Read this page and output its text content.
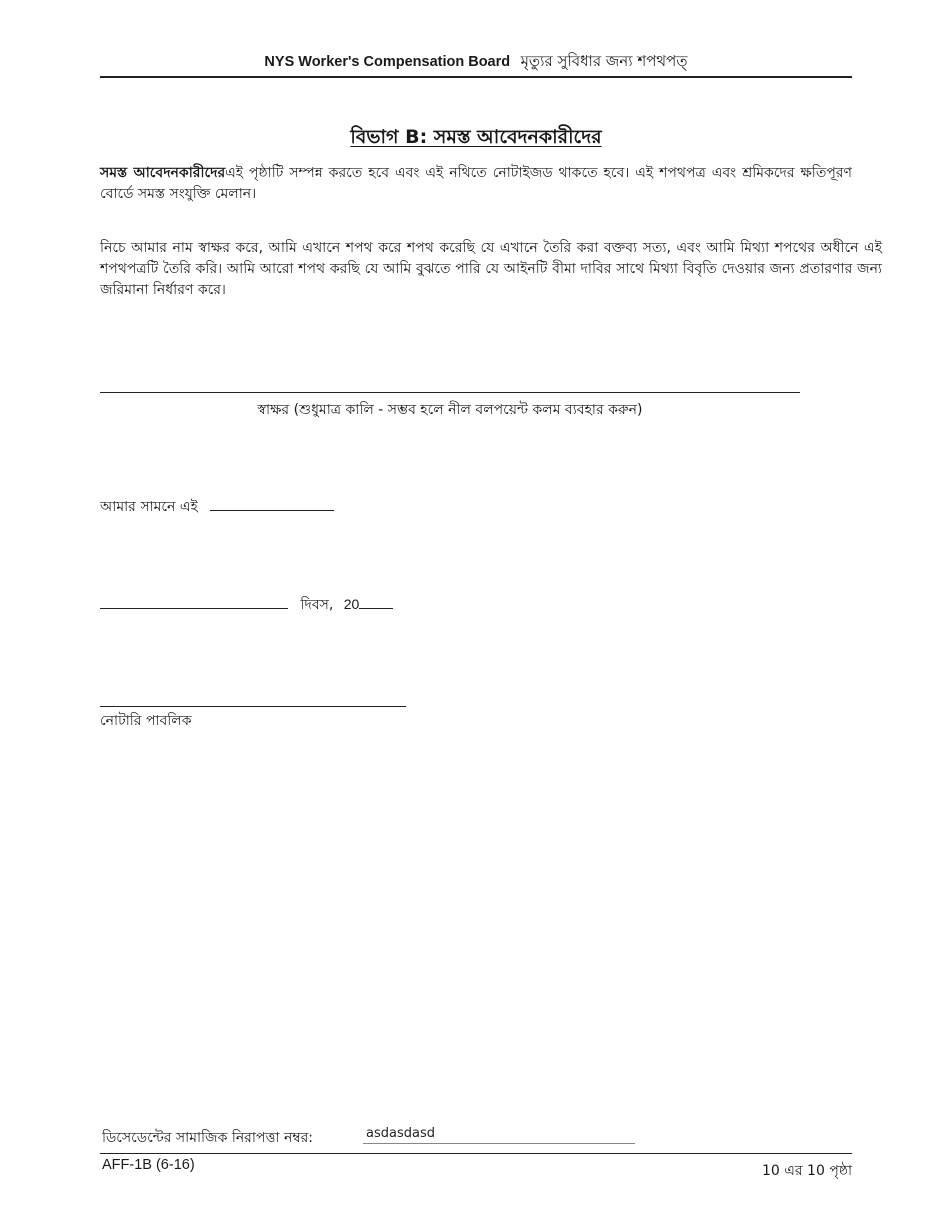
NYS Worker's Compensation Board মৃত্যুর সুবিধার জন্য শপথপত্
বিভাগ B: সমস্ত আবেদনকারীদের
সমস্ত আবেদনকারীদেরএই পৃষ্ঠাটি সম্পন্ন করতে হবে এবং এই নথিতে নোটাইজড থাকতে হবে। এই শপথপত্র এবং শ্রমিকদের ক্ষতিপূরণ বোর্ডে সমস্ত সংযুক্তি মেলান।
নিচে আমার নাম স্বাক্ষর করে, আমি এখানে শপথ করে শপথ করেছি যে এখানে তৈরি করা বক্তব্য সত্য, এবং আমি মিথ্যা শপথের অধীনে এই শপথপত্রটি তৈরি করি। আমি আরো শপথ করছি যে আমি বুঝতে পারি যে আইনটি বীমা দাবির সাথে মিথ্যা বিবৃতি দেওয়ার জন্য প্রতারণার জন্য জরিমানা নির্ধারণ করে।
স্বাক্ষর (শুধুমাত্র কালি - সম্ভব হলে নীল বলপয়েন্ট কলম ব্যবহার করুন)
আমার সামনে এই
দিবস, 20
নোটারি পাবলিক
ডিসেডেন্টের সামাজিক নিরাপত্তা নম্বর:
asdasdasd
AFF-1B (6-16)	10 এর 10 পৃষ্ঠা
